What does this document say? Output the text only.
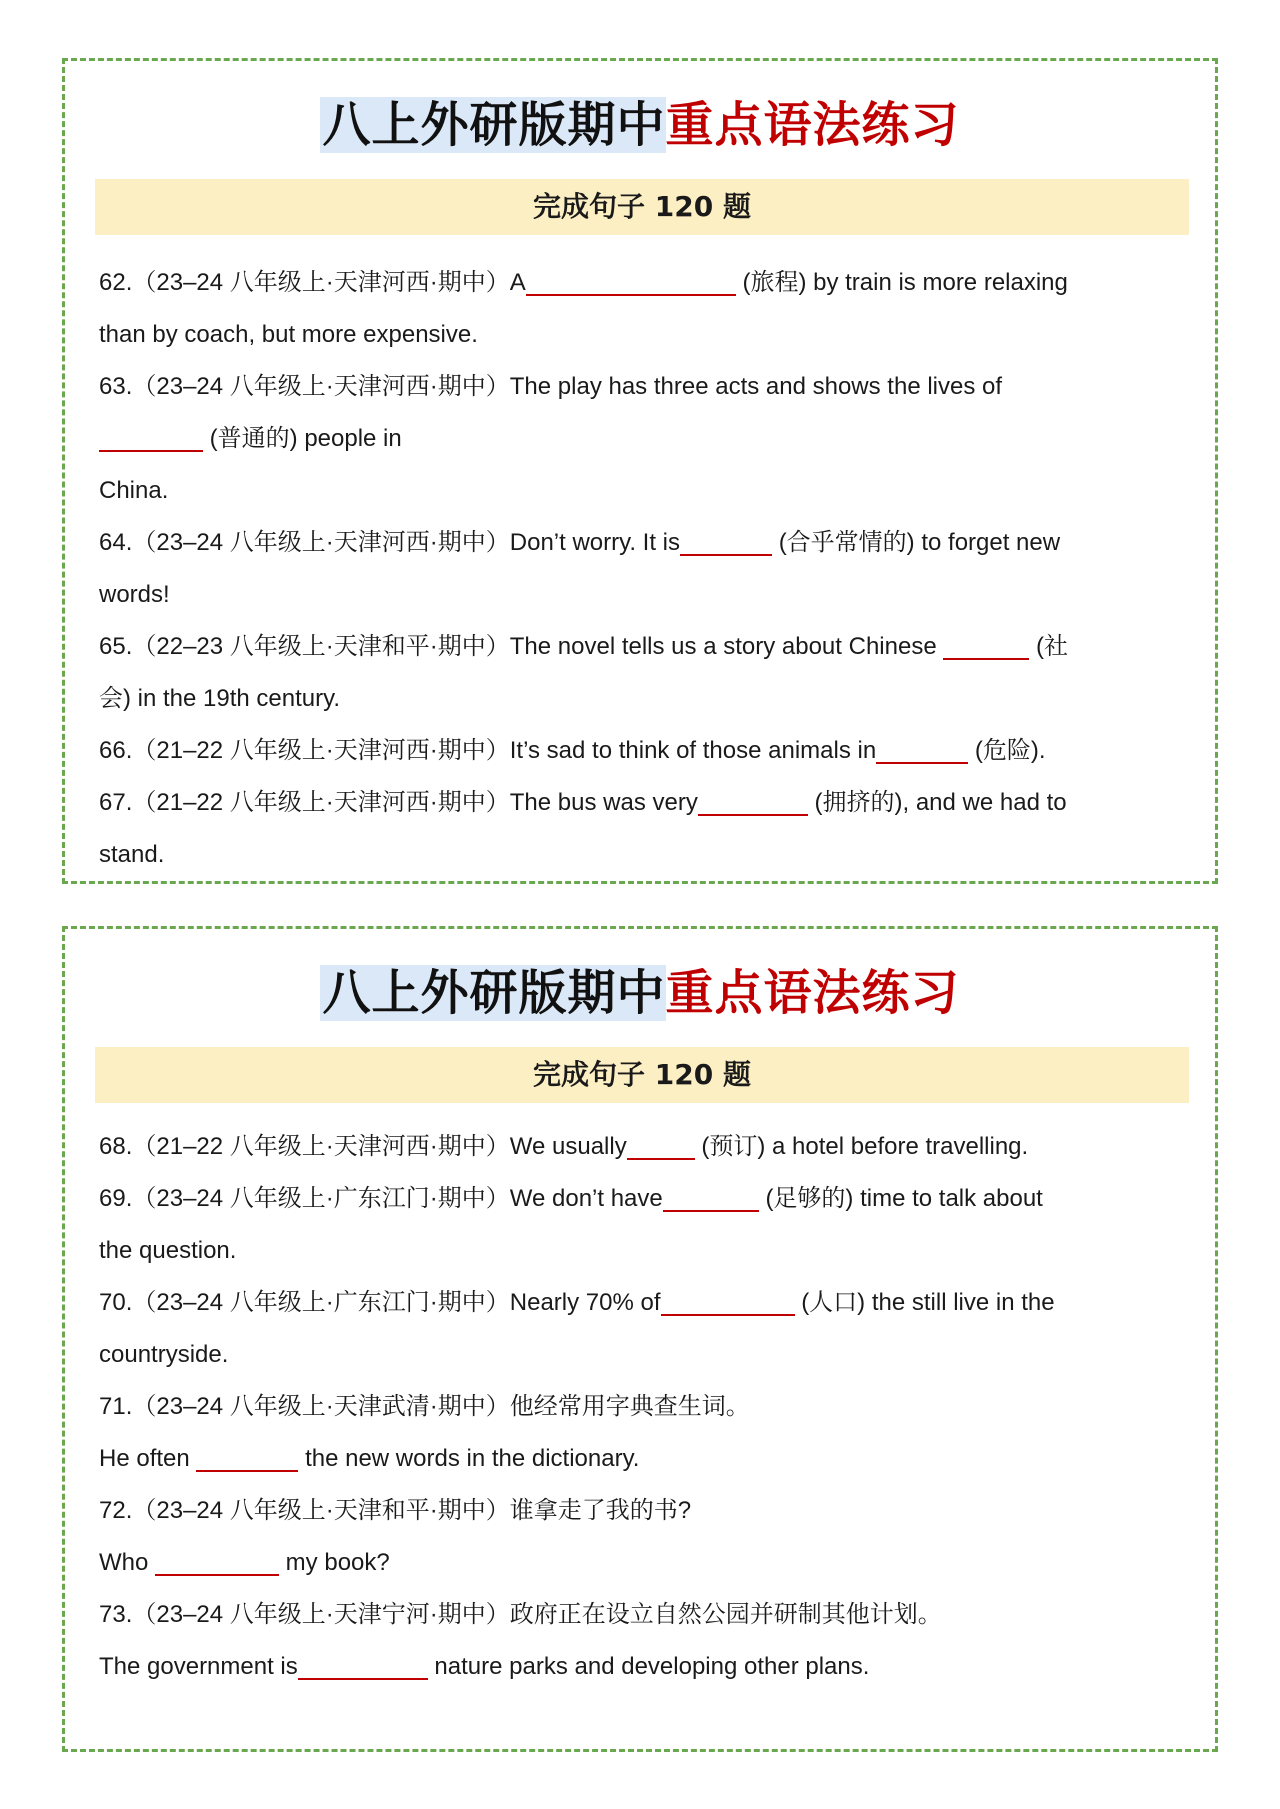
八上外研版期中重点语法练习
完成句子 120 题

62.（23–24 八年级上·天津河西·期中）A	(旅程) by train is more relaxing
than by coach, but more expensive.

63.（23–24 八年级上·天津河西·期中）The play has three acts and shows the lives of
(普通的) people in
China.

64.（23–24 八年级上·天津河西·期中）Don’t worry. It is	(合乎常情的) to forget new
words!

65.（22–23 八年级上·天津和平·期中）The novel tells us a story about Chinese	(社
会) in the 19th century.

66.（21–22 八年级上·天津河西·期中）It’s sad to think of those animals in	(危险).

67.（21–22 八年级上·天津河西·期中）The bus was very	(拥挤的), and we had to
stand.

八上外研版期中重点语法练习
完成句子 120 题

68.（21–22 八年级上·天津河西·期中）We usually	(预订) a hotel before travelling.

69.（23–24 八年级上·广东江门·期中）We don’t have	(足够的) time to talk about
the question.

70.（23–24 八年级上·广东江门·期中）Nearly 70% of	(人口) the still live in the
countryside.

71.（23–24 八年级上·天津武清·期中）他经常用字典查生词。
He often	the new words in the dictionary.

72.（23–24 八年级上·天津和平·期中）谁拿走了我的书?
Who	my book?

73.（23–24 八年级上·天津宁河·期中）政府正在设立自然公园并研制其他计划。
The government is	nature parks and developing other plans.
